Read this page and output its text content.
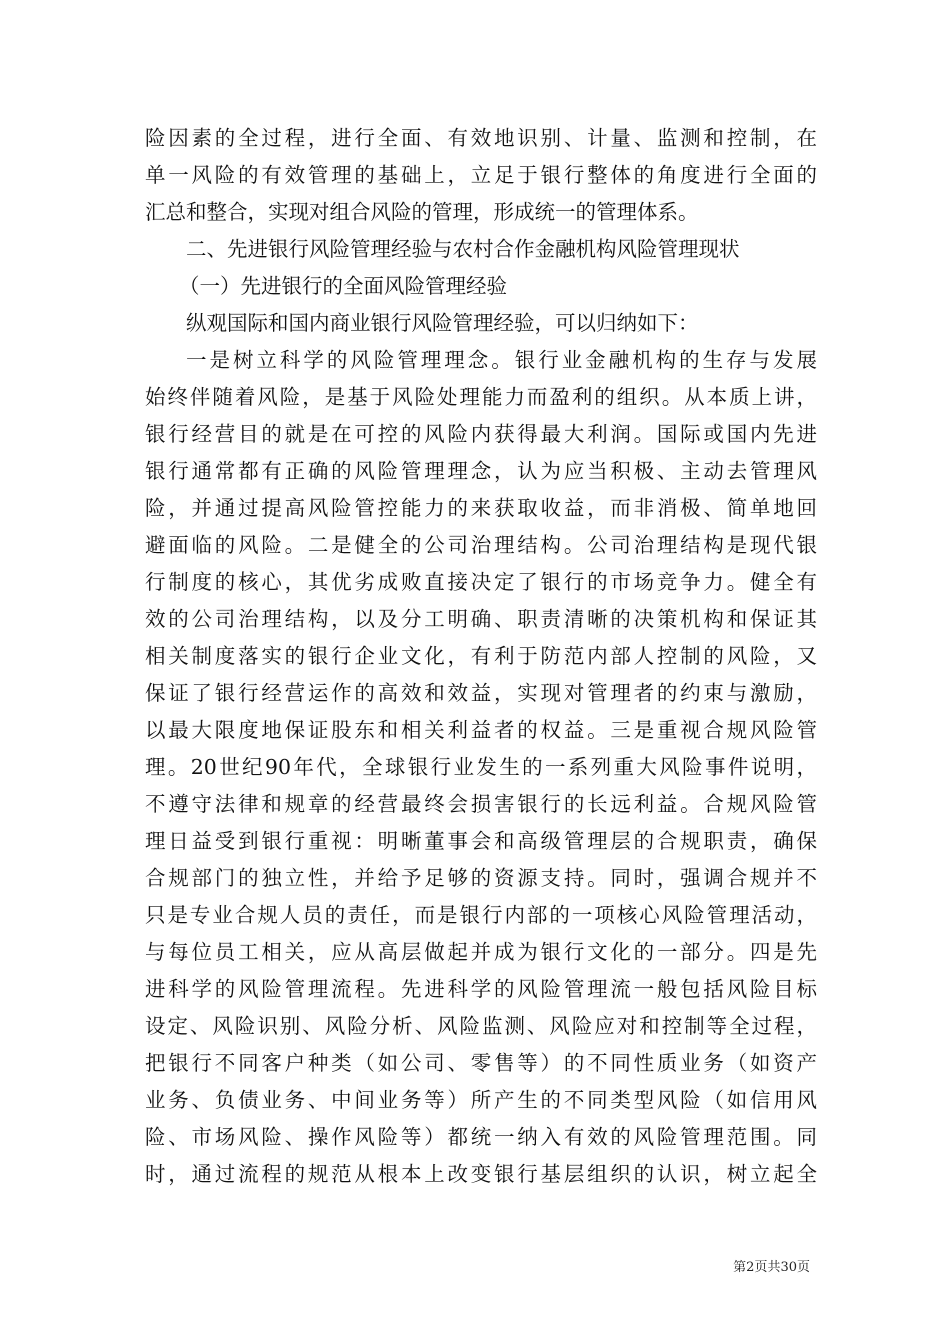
险因素的全过程，进行全面、有效地识别、计量、监测和控制，在
单一风险的有效管理的基础上，立足于银行整体的角度进行全面的
汇总和整合，实现对组合风险的管理，形成统一的管理体系。
二、先进银行风险管理经验与农村合作金融机构风险管理现状
（一）先进银行的全面风险管理经验
纵观国际和国内商业银行风险管理经验，可以归纳如下：
一是树立科学的风险管理理念。银行业金融机构的生存与发展
始终伴随着风险，是基于风险处理能力而盈利的组织。从本质上讲，
银行经营目的就是在可控的风险内获得最大利润。国际或国内先进
银行通常都有正确的风险管理理念，认为应当积极、主动去管理风
险，并通过提高风险管控能力的来获取收益，而非消极、简单地回
避面临的风险。二是健全的公司治理结构。公司治理结构是现代银
行制度的核心，其优劣成败直接决定了银行的市场竞争力。健全有
效的公司治理结构，以及分工明确、职责清晰的决策机构和保证其
相关制度落实的银行企业文化，有利于防范内部人控制的风险，又
保证了银行经营运作的高效和效益，实现对管理者的约束与激励，
以最大限度地保证股东和相关利益者的权益。三是重视合规风险管
理。20世纪90年代，全球银行业发生的一系列重大风险事件说明，
不遵守法律和规章的经营最终会损害银行的长远利益。合规风险管
理日益受到银行重视：明晰董事会和高级管理层的合规职责，确保
合规部门的独立性，并给予足够的资源支持。同时，强调合规并不
只是专业合规人员的责任，而是银行内部的一项核心风险管理活动，
与每位员工相关，应从高层做起并成为银行文化的一部分。四是先
进科学的风险管理流程。先进科学的风险管理流一般包括风险目标
设定、风险识别、风险分析、风险监测、风险应对和控制等全过程，
把银行不同客户种类（如公司、零售等）的不同性质业务（如资产
业务、负债业务、中间业务等）所产生的不同类型风险（如信用风
险、市场风险、操作风险等）都统一纳入有效的风险管理范围。同
时，通过流程的规范从根本上改变银行基层组织的认识，树立起全
第2页共30页
